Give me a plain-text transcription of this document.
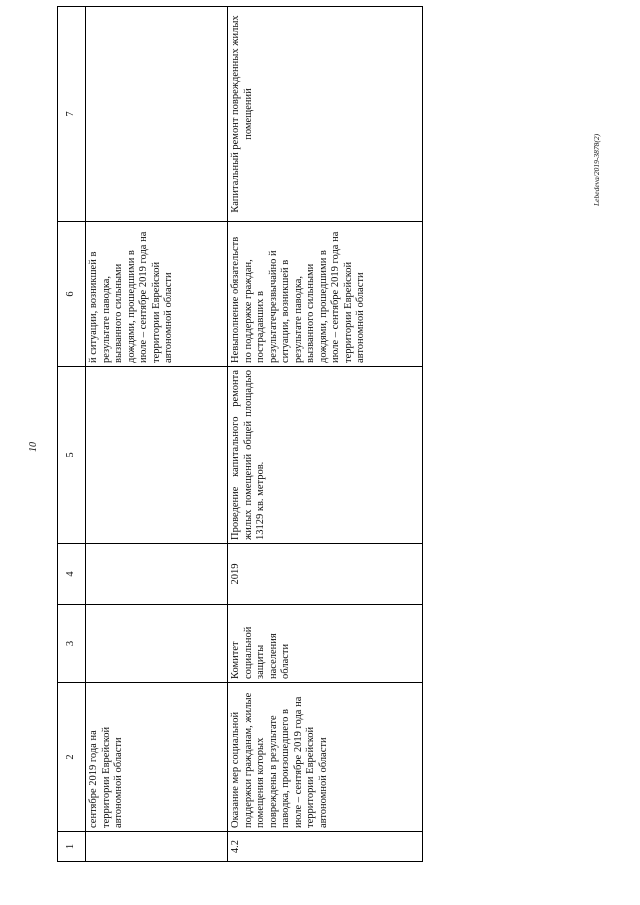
10
Lebedeva/2019-3878(2)
1	2	3	4	5	6	7
	сентябре 2019 года на территории Еврейской автономной области				й ситуации, возникшей в результате паводка, вызванного сильными дождями, прошедшими в июле – сентябре 2019 года на территории Еврейской автономной области	
4.2	Оказание мер социальной поддержки гражданам, жилые помещения которых повреждены в результате паводка, произошедшего в июле – сентябре 2019 года на территории Еврейской автономной области	Комитет социальной защиты населения области	2019	Проведение капитального ремонта жилых помещений общей площадью 13129 кв. метров.	Невыполнение обязательств по поддержке граждан, пострадавших в результатечрезвычайно й ситуации, возникшей в результате паводка, вызванного сильными дождями, прошедшими в июле – сентябре 2019 года на территории Еврейской автономной области	Капитальный ремонт поврежденных жилых помещений
